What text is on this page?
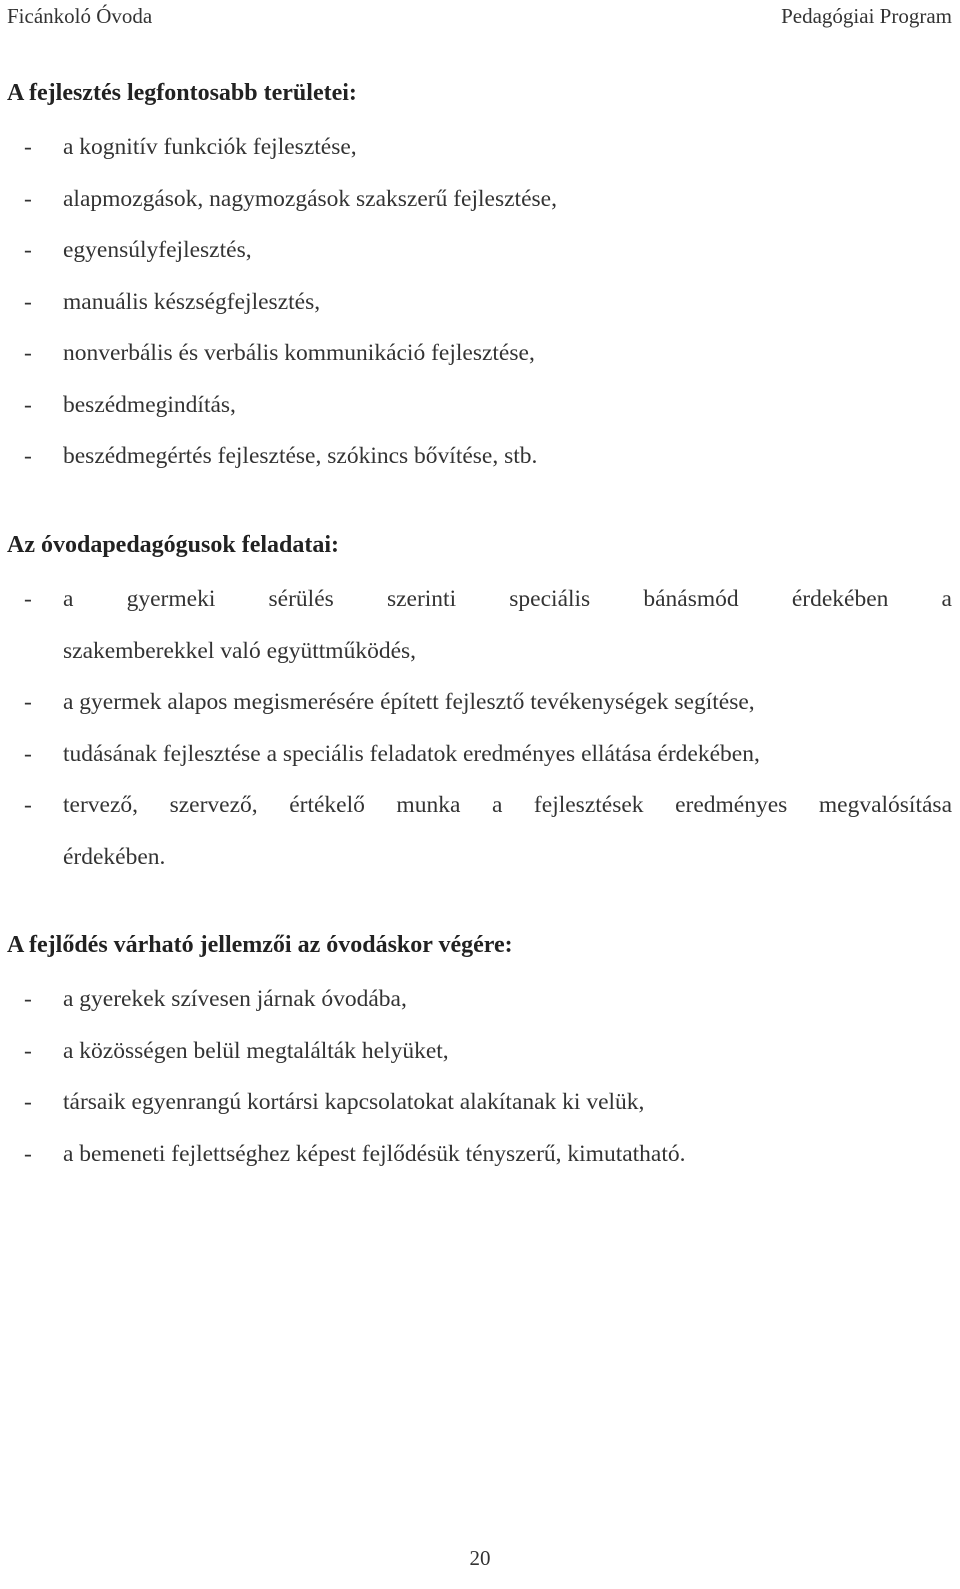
Ficánkoló Óvoda	Pedagógiai Program
A fejlesztés legfontosabb területei:
- a kognitív funkciók fejlesztése,
- alapmozgások, nagymozgások szakszerű fejlesztése,
- egyensúlyfejlesztés,
- manuális készségfejlesztés,
- nonverbális és verbális kommunikáció fejlesztése,
- beszédmegindítás,
- beszédmegértés fejlesztése, szókincs bővítése, stb.
Az óvodapedagógusok feladatai:
- a gyermeki sérülés szerinti speciális bánásmód érdekében a
szakemberekkel való együttműködés,
- a gyermek alapos megismerésére épített fejlesztő tevékenységek segítése,
- tudásának fejlesztése a speciális feladatok eredményes ellátása érdekében,
- tervező, szervező, értékelő munka a fejlesztések eredményes megvalósítása
érdekében.
A fejlődés várható jellemzői az óvodáskor végére:
- a gyerekek szívesen járnak óvodába,
- a közösségen belül megtalálták helyüket,
- társaik egyenrangú kortársi kapcsolatokat alakítanak ki velük,
- a bemeneti fejlettséghez képest fejlődésük tényszerű, kimutatható.
20
